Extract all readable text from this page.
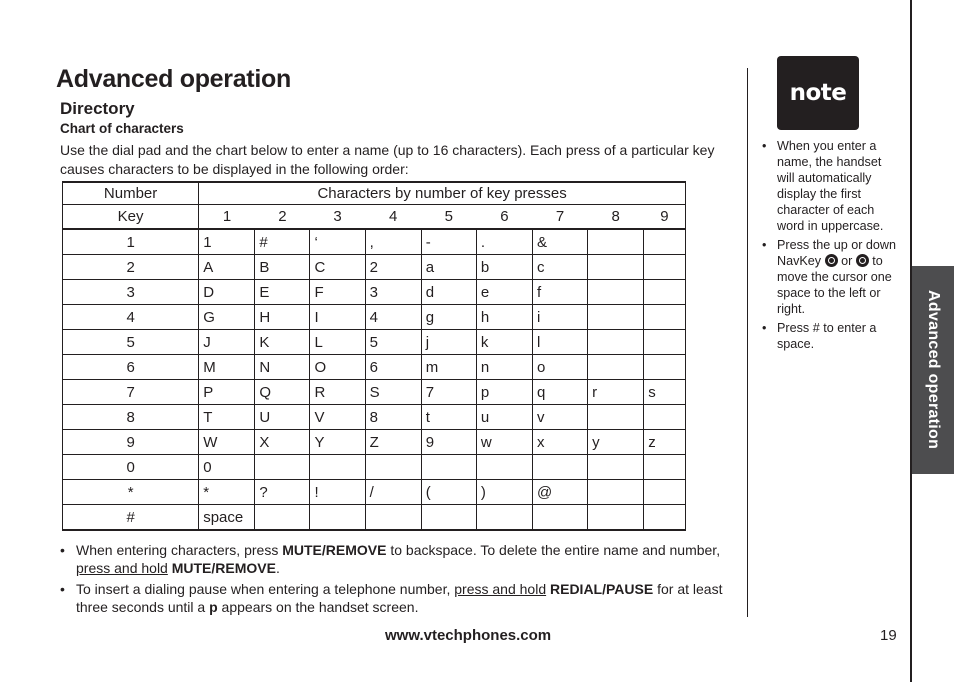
Advanced operation
Advanced operation
Directory
Chart of characters
Use the dial pad and the chart below to enter a name (up to 16 characters). Each press of a particular key causes characters to be displayed in the following order:
Number	Characters by number of key presses								
Key	1	2	3	4	5	6	7	8	9
1	1	#	‘	,	-	.	&		
2	A	B	C	2	a	b	c		
3	D	E	F	3	d	e	f		
4	G	H	I	4	g	h	i		
5	J	K	L	5	j	k	l		
6	M	N	O	6	m	n	o		
7	P	Q	R	S	7	p	q	r	s
8	T	U	V	8	t	u	v		
9	W	X	Y	Z	9	w	x	y	z
0	0								
*	*	?	!	/	(	)	@		
#	space								
• When entering characters, press MUTE/REMOVE to backspace. To delete the entire name and number, press and hold MUTE/REMOVE.
• To insert a dialing pause when entering a telephone number, press and hold REDIAL/PAUSE for at least three seconds until a p appears on the handset screen.
www.vtechphones.com	19
note
• When you enter a name, the handset will automatically display the first character of each word in uppercase.
• Press the up or down NavKey  or  to move the cursor one space to the left or right.
• Press # to enter a space.
